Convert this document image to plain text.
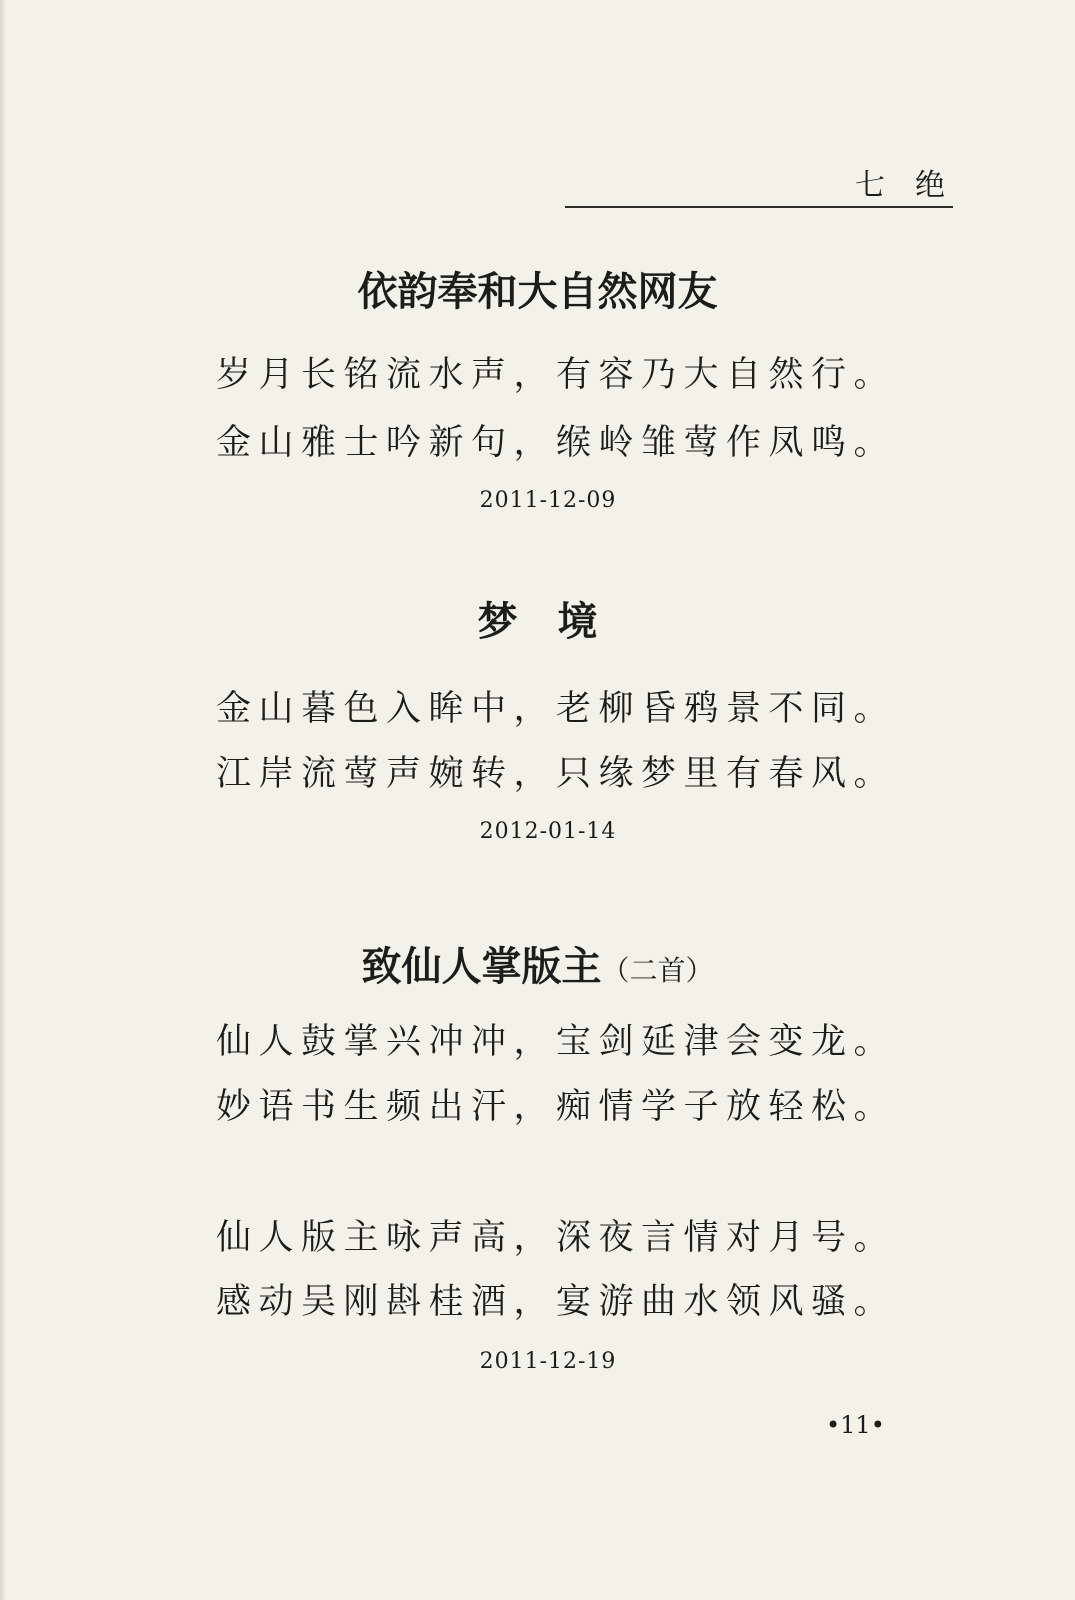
七绝
依韵奉和大自然网友
岁月长铭流水声，有容乃大自然行。
金山雅士吟新句，缑岭雏莺作凤鸣。
2011-12-09
梦境
金山暮色入眸中，老柳昏鸦景不同。
江岸流莺声婉转，只缘梦里有春风。
2012-01-14
致仙人掌版主（二首）
仙人鼓掌兴冲冲，宝剑延津会变龙。
妙语书生频出汗，痴情学子放轻松。
仙人版主咏声高，深夜言情对月号。
感动吴刚斟桂酒，宴游曲水领风骚。
2011-12-19
•11•
